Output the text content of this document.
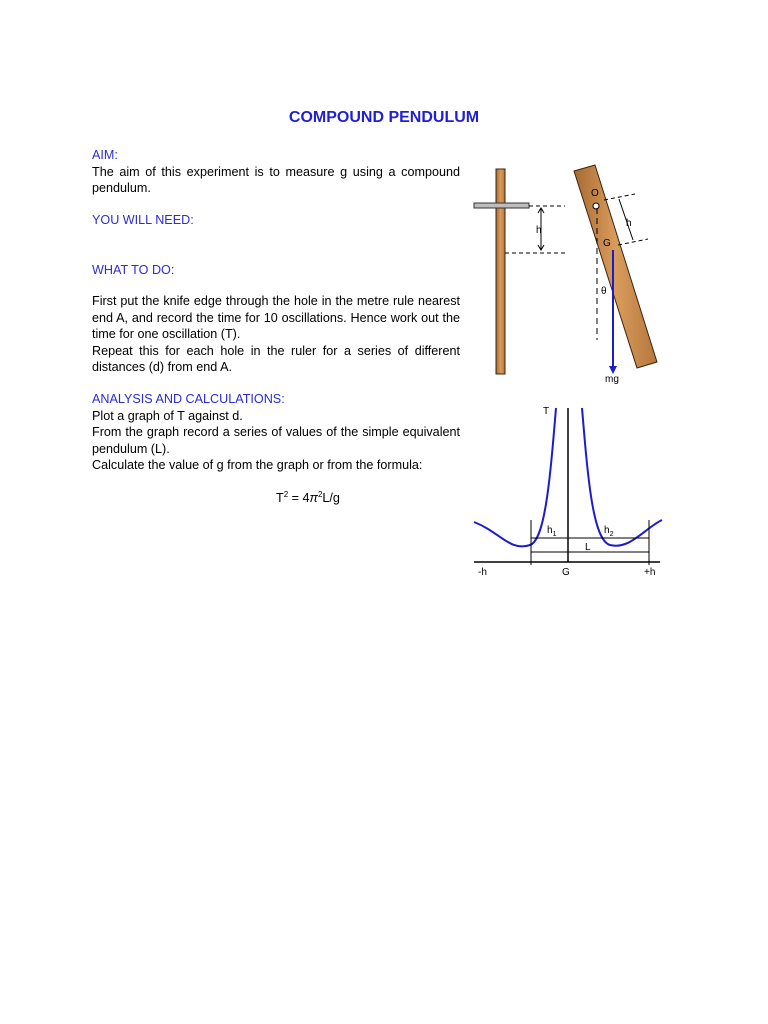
COMPOUND PENDULUM

AIM:

The aim of this experiment is to measure g using a compound pendulum.

YOU WILL NEED:

WHAT TO DO:

First put the knife edge through the hole in the metre rule nearest end A, and record the time for 10 oscillations. Hence work out the time for one oscillation (T).

Repeat this for each hole in the ruler for a series of different distances (d) from end A.

ANALYSIS AND CALCULATIONS:

Plot a graph of T against d.

From the graph record a series of values of the simple equivalent pendulum (L).

Calculate the value of g from the graph or from the formula:

$T^2 = 4\pi^2L/g$
h
O
G
mg
θ
h
T
$h_1$	$h_2$
L
-h	G	+h
